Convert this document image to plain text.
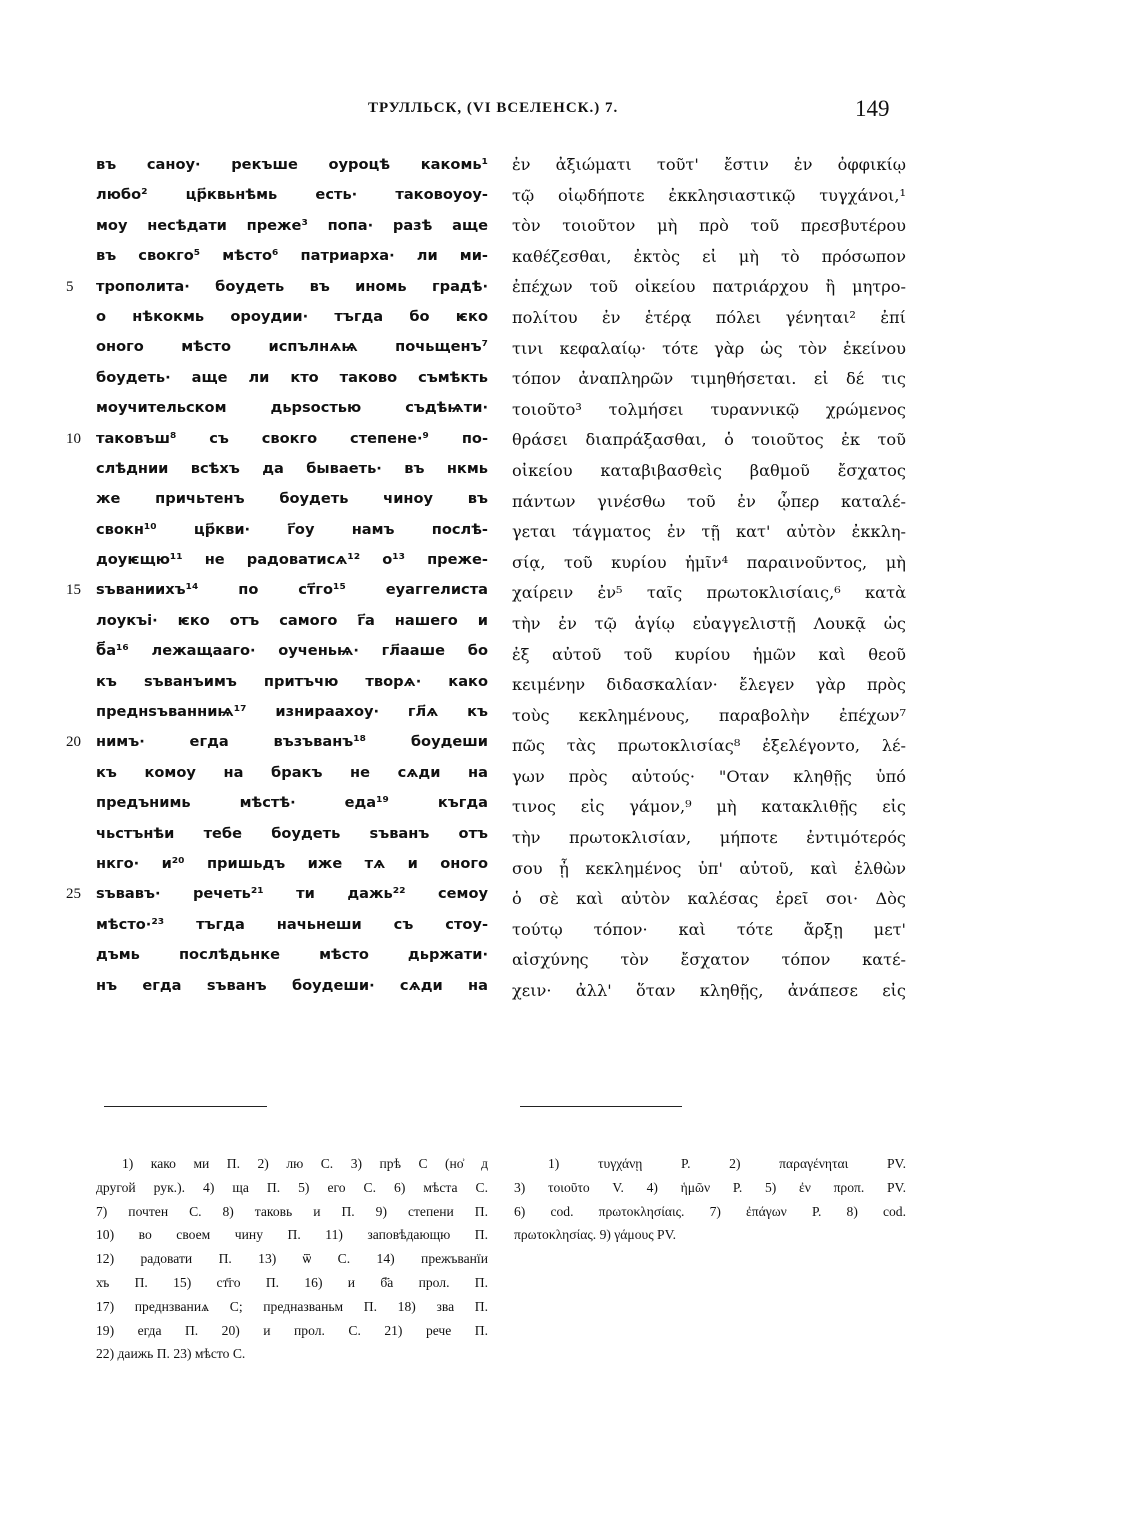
ТРУЛЛЬСК, (VI ВСЕЛЕНСК.) 7.	149
въ саноу· рекъше оуроцѣ какомь¹
любо² цр҃квьнѣмь есть· таковоуоу-
моу несѣдати преже³ попа· разѣ аще
въ свокго⁵ мѣсто⁶ патриарха· ли ми-
5	трополита· боудеть въ иномь градѣ·
о нѣкокмь ороудии· тъгда бо ѥко
оного мѣсто испълнѧѩ почьщенъ⁷
боудеть· аще ли кто таково съмѣкть
моучительском дьрѕостью съдѣѩти·
10	таковъш⁸ съ свокго степене·⁹ по-
слѣднии всѣхъ да бываеть· въ нкмь
же причьтенъ боудеть чиноу въ
свокн¹⁰ цр҃кви· г҃оу намъ послѣ-
доуѥщю¹¹ не радоватисѧ¹² о¹³ преже-
15	ѕъваниихъ¹⁴ по ст҃го¹⁵ еуаггелиста
лоукъі· ѥко отъ самого г҃а нашего и
б҃а¹⁶ лежащааго· оученьѩ· гл҃ааше бо
къ ѕъванъимъ притъчю творѧ· како
преднѕъванниѩ¹⁷ изнираахоу· гл҃ѧ къ
20	нимъ· егда възъванъ¹⁸ боудеши
къ комоу на бракъ не сѧди на
предънимь мѣстѣ· еда¹⁹ къгда
чьстънѣи тебе боудеть ѕъванъ отъ
нкго· и²⁰ пришьдъ иже тѧ и оного
25	ѕъвавъ· речеть²¹ ти дажь²² семоу
мѣсто·²³ тъгда начьнеши съ стоу-
дъмь послѣдьнке мѣсто дьржати·
нъ егда ѕъванъ боудеши· сѧди на
ἐν ἀξιώματι τοῦτ' ἔστιν ἐν ὀφφικίῳ
τῷ οἱῳδήποτε ἐκκλησιαστικῷ τυγχάνοι,¹
τὸν τοιοῦτον μὴ πρὸ τοῦ πρεσβυτέρου
καθέζεσθαι, ἐκτὸς εἰ μὴ τὸ πρόσωπον
ἐπέχων τοῦ οἰκείου πατριάρχου ἢ μητρο-
πολίτου ἐν ἑτέρᾳ πόλει γένηται² ἐπί
τινι κεφαλαίῳ· τότε γὰρ ὡς τὸν ἐκείνου
τόπον ἀναπληρῶν τιμηθήσεται. εἰ δέ τις
τοιοῦτο³ τολμήσει τυραννικῷ χρώμενος
θράσει διαπράξασθαι, ὁ τοιοῦτος ἐκ τοῦ
οἰκείου καταβιβασθεὶς βαθμοῦ ἔσχατος
πάντων γινέσθω τοῦ ἐν ᾧπερ καταλέ-
γεται τάγματος ἐν τῇ κατ' αὐτὸν ἐκκλη-
σίᾳ, τοῦ κυρίου ἡμῖν⁴ παραινοῦντος, μὴ
χαίρειν ἐν⁵ ταῖς πρωτοκλισίαις,⁶ κατὰ
τὴν ἐν τῷ ἁγίῳ εὐαγγελιστῇ Λουκᾷ ὡς
ἐξ αὐτοῦ τοῦ κυρίου ἡμῶν καὶ θεοῦ
κειμένην διδασκαλίαν· ἔλεγεν γὰρ πρὸς
τοὺς κεκλημένους, παραβολὴν ἐπέχων⁷
πῶς τὰς πρωτοκλισίας⁸ ἐξελέγοντο, λέ-
γων πρὸς αὐτούς· "Οταν κληθῇς ὑπό
τινος εἰς γάμον,⁹ μὴ κατακλιθῇς εἰς
τὴν πρωτοκλισίαν, μήποτε ἐντιμότερός
σου ᾖ κεκλημένος ὑπ' αὐτοῦ, καὶ ἐλθὼν
ὁ σὲ καὶ αὐτὸν καλέσας ἐρεῖ σοι· Δὸς
τούτῳ τόπον· καὶ τότε ἄρξῃ μετ'
αἰσχύνης τὸν ἔσχατον τόπον κατέ-
χειν· ἀλλ' ὅταν κληθῇς, ἀνάπεσε εἰς
1) како ми П. 2) лю С. 3) прѣ С (но͗ д
другой рук.). 4) ща П. 5) его С. 6) мѣста С.
7) почтен С. 8) таковь и П. 9) степени П.
10) во своем чину П. 11) заповѣдающю П.
12) радовати П. 13) ѿ С. 14) прежъванїи
хъ П. 15) ст҃го П. 16) и б҃а прол. П.
17) преднзваниѧ С; предназваньм П. 18) зва П.
19) егда П. 20) и прол. С. 21) рече П.
22) даижь П. 23) мѣсто С.
1) τυγχάνῃ P. 2) παραγένηται PV.
3) τοιοῦτο V. 4) ἡμῶν P. 5) ἐν προπ. PV.
6) cod. πρωτοκλησίαις. 7) ἐπάγων P. 8) cod.
πρωτοκλησίας. 9) γάμους PV.
